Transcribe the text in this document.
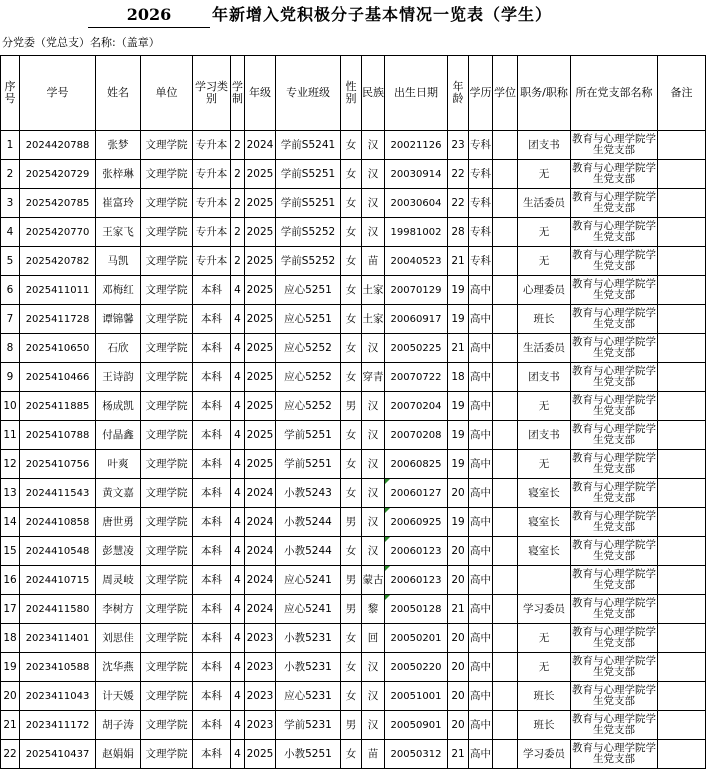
2026	年新增入党积极分子基本情况一览表（学生）
分党委（党总支）名称:（盖章）
序号	学号	姓名	单位	学习类别	学制	年级	专业班级	性别	民族	出生日期	年龄	学历	学位	职务/职称	所在党支部名称	备注
1	2024420788	张梦	文理学院	专升本	2	2024	学前S5241	女	汉	20021126	23	专科		团支书	教育与心理学院学生党支部	
2	2025420729	张梓琳	文理学院	专升本	2	2025	学前S5251	女	汉	20030914	22	专科		无	教育与心理学院学生党支部	
3	2025420785	崔富玲	文理学院	专升本	2	2025	学前S5251	女	汉	20030604	22	专科		生活委员	教育与心理学院学生党支部	
4	2025420770	王家飞	文理学院	专升本	2	2025	学前S5252	女	汉	19981002	28	专科		无	教育与心理学院学生党支部	
5	2025420782	马凯	文理学院	专升本	2	2025	学前S5252	女	苗	20040523	21	专科		无	教育与心理学院学生党支部	
6	2025411011	邓梅红	文理学院	本科	4	2025	应心5251	女	土家	20070129	19	高中		心理委员	教育与心理学院学生党支部	
7	2025411728	谭锦馨	文理学院	本科	4	2025	应心5251	女	土家	20060917	19	高中		班长	教育与心理学院学生党支部	
8	2025410650	石欣	文理学院	本科	4	2025	应心5252	女	汉	20050225	21	高中		生活委员	教育与心理学院学生党支部	
9	2025410466	王诗韵	文理学院	本科	4	2025	应心5252	女	穿青	20070722	18	高中		团支书	教育与心理学院学生党支部	
10	2025411885	杨成凯	文理学院	本科	4	2025	应心5252	男	汉	20070204	19	高中		无	教育与心理学院学生党支部	
11	2025410788	付晶鑫	文理学院	本科	4	2025	学前5251	女	汉	20070208	19	高中		团支书	教育与心理学院学生党支部	
12	2025410756	叶爽	文理学院	本科	4	2025	学前5251	女	汉	20060825	19	高中		无	教育与心理学院学生党支部	
13	2024411543	黄文嘉	文理学院	本科	4	2024	小教5243	女	汉	20060127	20	高中		寝室长	教育与心理学院学生党支部	
14	2024410858	唐世勇	文理学院	本科	4	2024	小教5244	男	汉	20060925	19	高中		寝室长	教育与心理学院学生党支部	
15	2024410548	彭慧凌	文理学院	本科	4	2024	小教5244	女	汉	20060123	20	高中		寝室长	教育与心理学院学生党支部	
16	2024410715	周灵岐	文理学院	本科	4	2024	应心5241	男	蒙古	20060123	20	高中			教育与心理学院学生党支部	
17	2024411580	李树方	文理学院	本科	4	2024	应心5241	男	黎	20050128	21	高中		学习委员	教育与心理学院学生党支部	
18	2023411401	刘思佳	文理学院	本科	4	2023	小教5231	女	回	20050201	20	高中		无	教育与心理学院学生党支部	
19	2023410588	沈华燕	文理学院	本科	4	2023	小教5231	女	汉	20050220	20	高中		无	教育与心理学院学生党支部	
20	2023411043	计天媛	文理学院	本科	4	2023	应心5231	女	汉	20051001	20	高中		班长	教育与心理学院学生党支部	
21	2023411172	胡子涛	文理学院	本科	4	2023	学前5231	男	汉	20050901	20	高中		班长	教育与心理学院学生党支部	
22	2025410437	赵娟娟	文理学院	本科	4	2025	小教5251	女	苗	20050312	21	高中		学习委员	教育与心理学院学生党支部	
